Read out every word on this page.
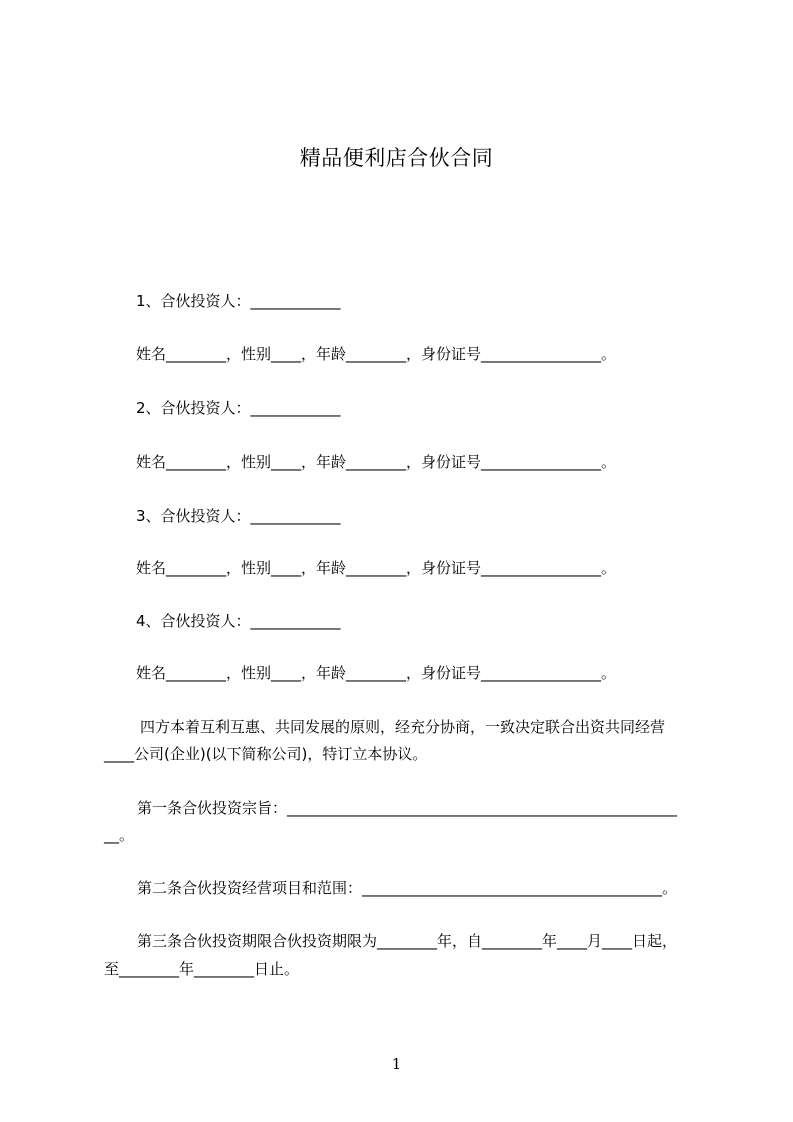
精品便利店合伙合同
1、合伙投资人：____________
姓名________，性别____，年龄________，身份证号________________。
2、合伙投资人：____________
姓名________，性别____，年龄________，身份证号________________。
3、合伙投资人：____________
姓名________，性别____，年龄________，身份证号________________。
4、合伙投资人：____________
姓名________，性别____，年龄________，身份证号________________。
四方本着互利互惠、共同发展的原则，经充分协商，一致决定联合出资共同经营
____公司(企业)(以下简称公司)，特订立本协议。
第一条合伙投资宗旨：____________________________________________________
__。
第二条合伙投资经营项目和范围：________________________________________。
第三条合伙投资期限合伙投资期限为________年，自________年____月____日起，
至________年________日止。
1
